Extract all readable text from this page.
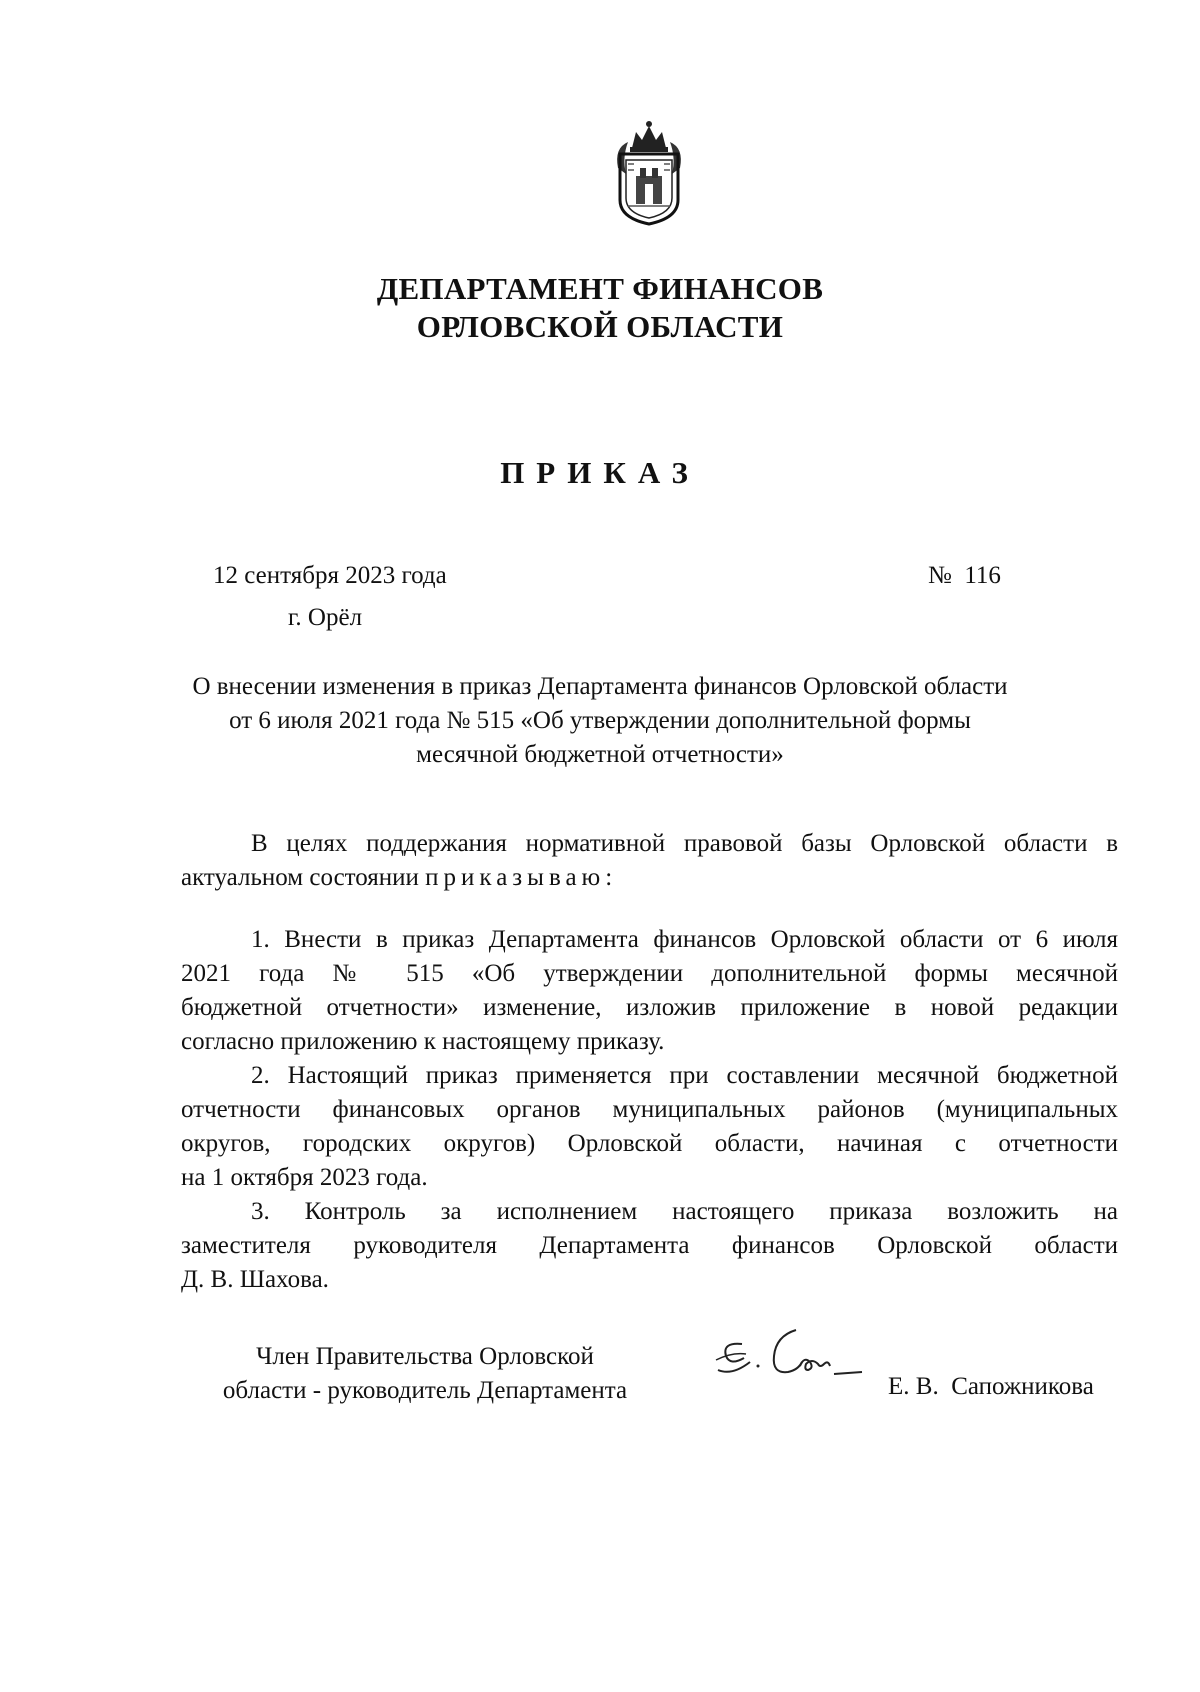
ДЕПАРТАМЕНТ ФИНАНСОВ
ОРЛОВСКОЙ ОБЛАСТИ
ПРИКАЗ
12 сентября 2023 года	№  116
г. Орёл
О внесении изменения в приказ Департамента финансов Орловской области
от 6 июля 2021 года № 515 «Об утверждении дополнительной формы
месячной бюджетной отчетности»
В целях поддержания нормативной правовой базы Орловской области в
актуальном состоянии приказываю:
1. Внести в приказ Департамента финансов Орловской области от 6 июля
2021 года № 515 «Об утверждении дополнительной формы месячной
бюджетной отчетности» изменение, изложив приложение в новой редакции
согласно приложению к настоящему приказу.
2. Настоящий приказ применяется при составлении месячной бюджетной
отчетности финансовых органов муниципальных районов (муниципальных
округов, городских округов) Орловской области, начиная с отчетности
на 1 октября 2023 года.
3. Контроль за исполнением настоящего приказа возложить на
заместителя руководителя Департамента финансов Орловской области
Д. В. Шахова.
Член Правительства Орловской
области - руководитель Департамента	Е. В.  Сапожникова
